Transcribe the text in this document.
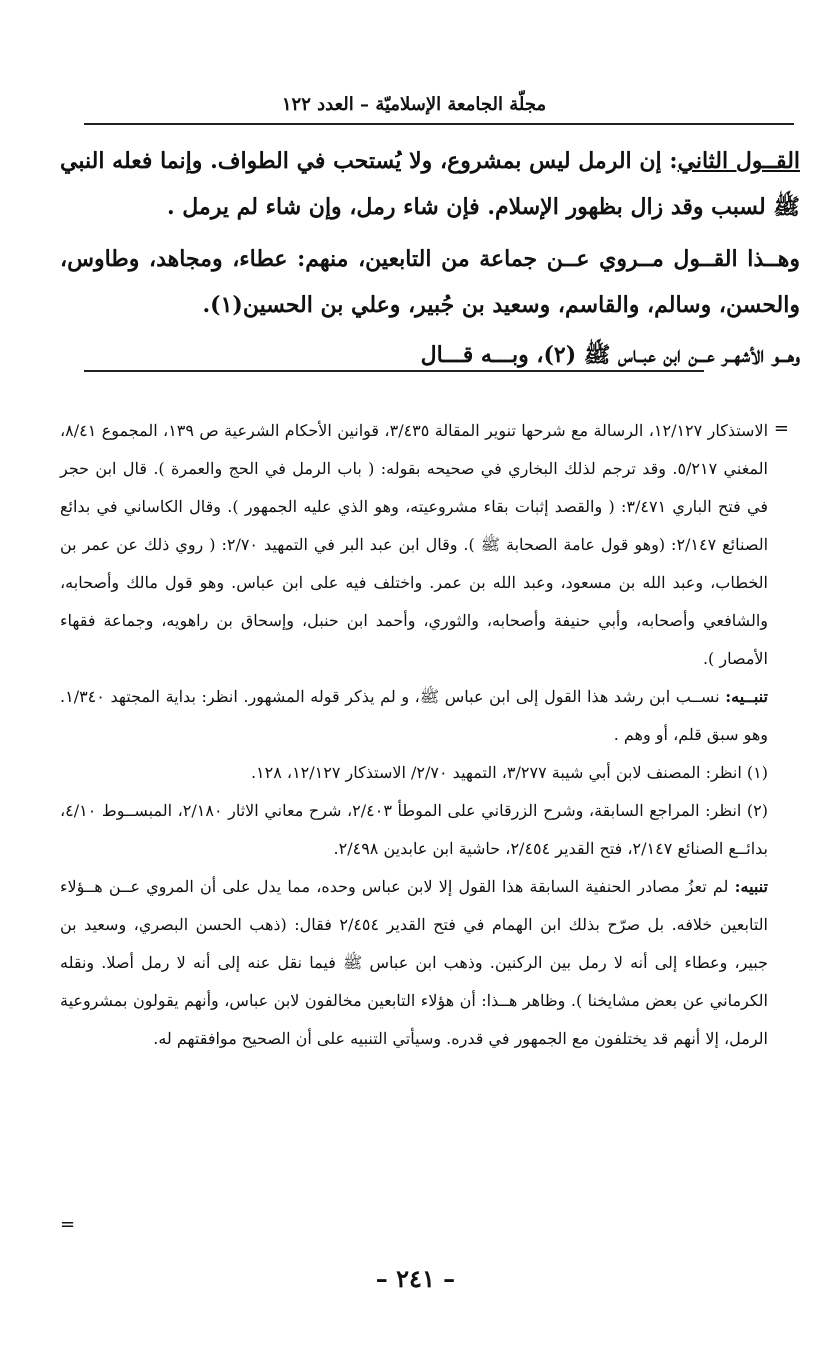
مجلّة الجامعة الإسلاميّة – العدد ١٢٢

القــول الثاني: إن الرمل ليس بمشروع، ولا يُستحب في الطواف. وإنما فعله النبي ﷺ لسبب وقد زال بظهور الإسلام. فإن شاء رمل، وإن شاء لم يرمل .

وهــذا القــول مــروي عــن جماعة من التابعين، منهم: عطاء، ومجاهد، وطاوس، والحسن، وسالم، والقاسم، وسعيد بن جُبير، وعلي بن الحسين(١).

وهـــو الأشهــر عـــن ابن عبــاس ﷺ (٢)، وبـــه قـــال

=
=

الاستذكار ١٢/١٢٧، الرسالة مع شرحها تنوير المقالة ٣/٤٣٥، قوانين الأحكام الشرعية ص ١٣٩، المجموع ٨/٤١، المغني ٥/٢١٧. وقد ترجم لذلك البخاري في صحيحه بقوله: ( باب الرمل في الحج والعمرة ). قال ابن حجر في فتح الباري ٣/٤٧١: ( والقصد إثبات بقاء مشروعيته، وهو الذي عليه الجمهور ). وقال الكاساني في بدائع الصنائع ٢/١٤٧: (وهو قول عامة الصحابة ﷺ ). وقال ابن عبد البر في التمهيد ٢/٧٠: ( روي ذلك عن عمر بن الخطاب، وعبد الله بن مسعود، وعبد الله بن عمر. واختلف فيه على ابن عباس. وهو قول مالك وأصحابه، والشافعي وأصحابه، وأبي حنيفة وأصحابه، والثوري، وأحمد ابن حنبل، وإسحاق بن راهويه، وجماعة فقهاء الأمصار ).

تنبــيه: نســب ابن رشد هذا القول إلى ابن عباس ﷺ، و لم يذكر قوله المشهور. انظر: بداية المجتهد ١/٣٤٠. وهو سبق قلم، أو وهم .

(١) انظر: المصنف لابن أبي شيبة ٣/٢٧٧، التمهيد ٢/٧٠/ الاستذكار ١٢/١٢٧، ١٢٨.

(٢) انظر: المراجع السابقة، وشرح الزرقاني على الموطأ ٢/٤٠٣، شرح معاني الاثار ٢/١٨٠، المبســوط ٤/١٠، بدائــع الصنائع ٢/١٤٧، فتح القدير ٢/٤٥٤، حاشية ابن عابدين ٢/٤٩٨.

تنبيه: لم تعزُ مصادر الحنفية السابقة هذا القول إلا لابن عباس وحده، مما يدل على أن المروي عــن هــؤلاء التابعين خلافه. بل صرّح بذلك ابن الهمام في فتح القدير ٢/٤٥٤ فقال: (ذهب الحسن البصري، وسعيد بن جبير، وعطاء إلى أنه لا رمل بين الركنين. وذهب ابن عباس ﷺ فيما نقل عنه إلى أنه لا رمل أصلا. ونقله الكرماني عن بعض مشايخنا ). وظاهر هــذا: أن هؤلاء التابعين مخالفون لابن عباس، وأنهم يقولون بمشروعية الرمل، إلا أنهم قد يختلفون مع الجمهور في قدره. وسيأتي التنبيه على أن الصحيح موافقتهم له.

– ٢٤١ –
